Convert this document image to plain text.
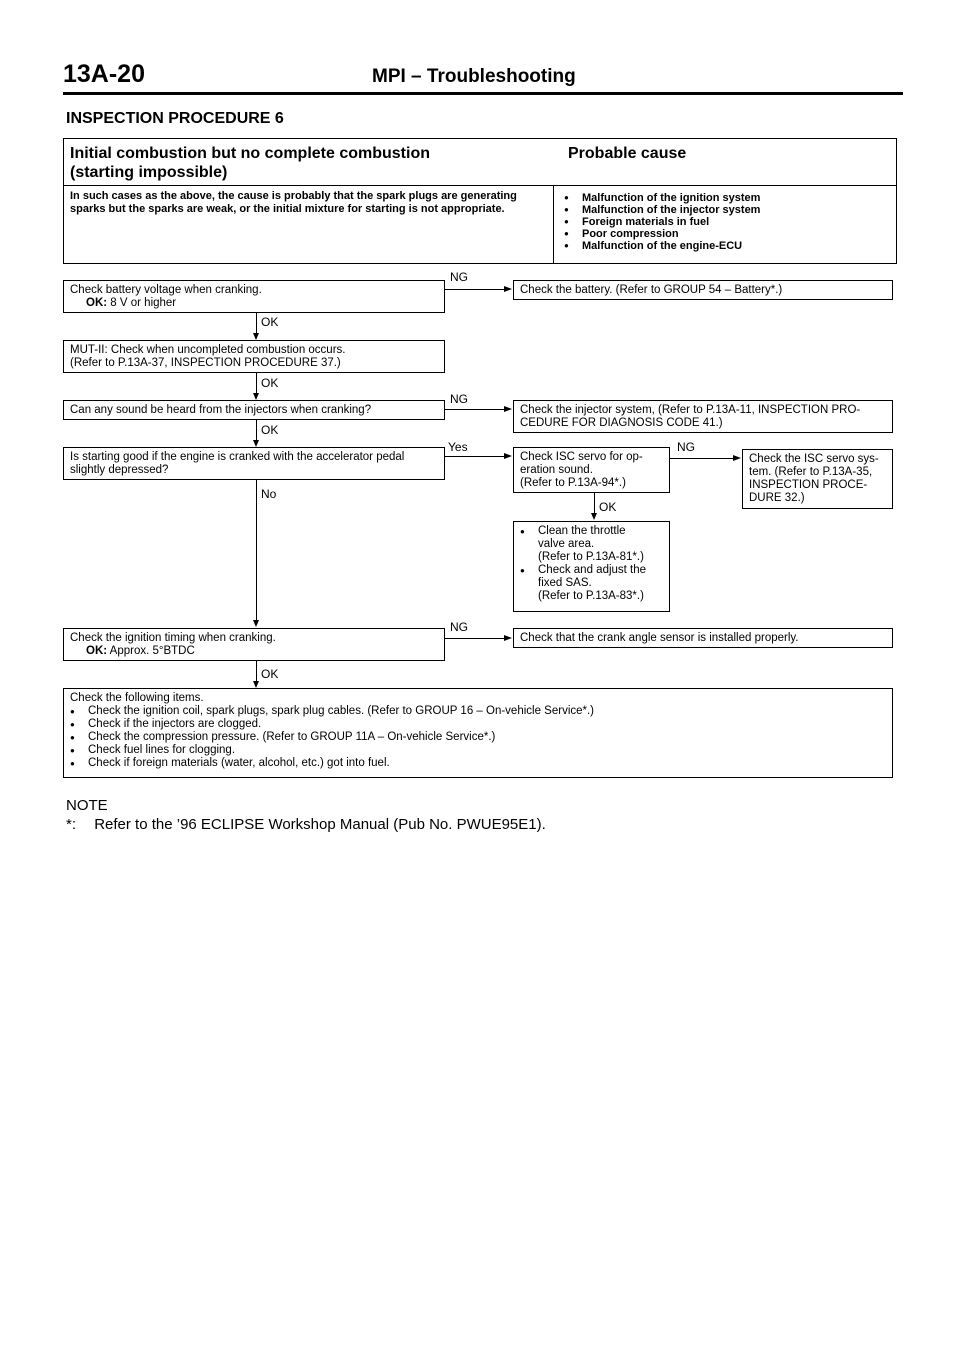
13A-20	MPI – Troubleshooting
INSPECTION PROCEDURE 6
Initial combustion but no complete combustion
(starting impossible)
Probable cause
In such cases as the above, the cause is probably that the spark plugs are generating sparks but the sparks are weak, or the initial mixture for starting is not appropriate.
● Malfunction of the ignition system
● Malfunction of the injector system
● Foreign materials in fuel
● Poor compression
● Malfunction of the engine-ECU
Check battery voltage when cranking.
OK: 8 V or higher
NG
Check the battery. (Refer to GROUP 54 – Battery*.)
OK
MUT-II: Check when uncompleted combustion occurs.
(Refer to P.13A-37, INSPECTION PROCEDURE 37.)
OK
Can any sound be heard from the injectors when cranking?
NG
Check the injector system, (Refer to P.13A-11, INSPECTION PRO-
CEDURE FOR DIAGNOSIS CODE 41.)
OK
Is starting good if the engine is cranked with the accelerator pedal
slightly depressed?
Yes
Check ISC servo for op-
eration sound.
(Refer to P.13A-94*.)
NG
Check the ISC servo sys-
tem. (Refer to P.13A-35,
INSPECTION PROCE-
DURE 32.)
OK
● Clean the throttle
valve area.
(Refer to P.13A-81*.)
● Check and adjust the
fixed SAS.
(Refer to P.13A-83*.)
No
Check the ignition timing when cranking.
OK: Approx. 5°BTDC
NG
Check that the crank angle sensor is installed properly.
OK
Check the following items.
● Check the ignition coil, spark plugs, spark plug cables. (Refer to GROUP 16 – On-vehicle Service*.)
● Check if the injectors are clogged.
● Check the compression pressure. (Refer to GROUP 11A – On-vehicle Service*.)
● Check fuel lines for clogging.
● Check if foreign materials (water, alcohol, etc.) got into fuel.
NOTE
*: Refer to the ’96 ECLIPSE Workshop Manual (Pub No. PWUE95E1).
